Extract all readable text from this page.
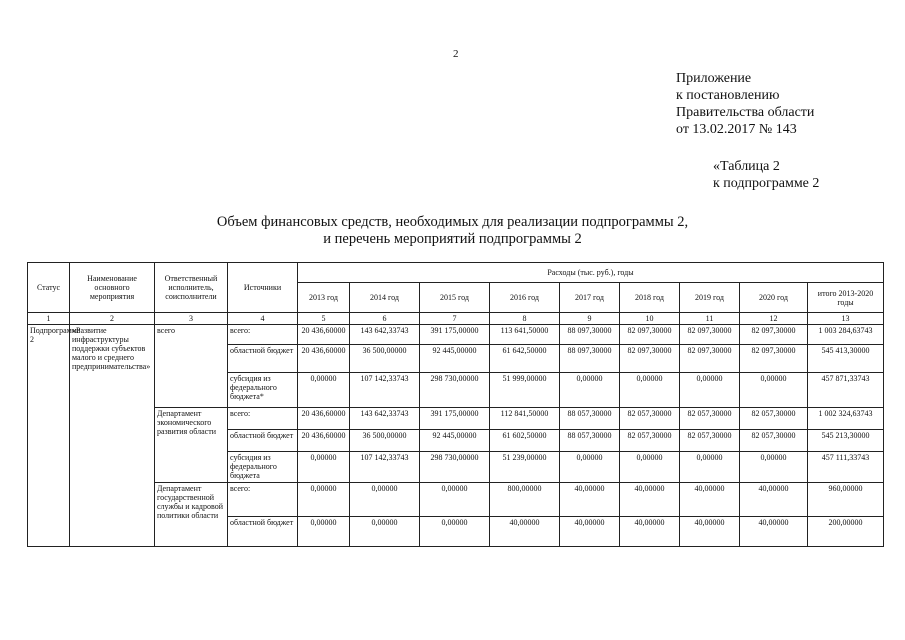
2
Приложение
к постановлению
Правительства области
от 13.02.2017 № 143
«Таблица 2
к подпрограмме 2
Объем финансовых средств, необходимых для реализации подпрограммы 2,
и перечень мероприятий подпрограммы 2
Статус	Наименование основного мероприятия	Ответственный исполнитель, соисполнители	Источники	Расходы (тыс. руб.), годы								
				2013 год	2014 год	2015 год	2016 год	2017 год	2018 год	2019 год	2020 год	итого 2013-2020 годы
1	2	3	4	5	6	7	8	9	10	11	12	13
Подпрограмма 2	«Развитие инфраструктуры поддержки субъектов малого и среднего предпринимательства»	всего	всего:	20 436,60000	143 642,33743	391 175,00000	113 641,50000	88 097,30000	82 097,30000	82 097,30000	82 097,30000	1 003 284,63743
			областной бюджет	20 436,60000	36 500,00000	92 445,00000	61 642,50000	88 097,30000	82 097,30000	82 097,30000	82 097,30000	545 413,30000
			субсидия из федерального бюджета*	0,00000	107 142,33743	298 730,00000	51 999,00000	0,00000	0,00000	0,00000	0,00000	457 871,33743
		Департамент экономического развития области	всего:	20 436,60000	143 642,33743	391 175,00000	112 841,50000	88 057,30000	82 057,30000	82 057,30000	82 057,30000	1 002 324,63743
			областной бюджет	20 436,60000	36 500,00000	92 445,00000	61 602,50000	88 057,30000	82 057,30000	82 057,30000	82 057,30000	545 213,30000
			субсидия из федерального бюджета	0,00000	107 142,33743	298 730,00000	51 239,00000	0,00000	0,00000	0,00000	0,00000	457 111,33743
		Департамент государственной службы и кадровой политики области	всего:	0,00000	0,00000	0,00000	800,00000	40,00000	40,00000	40,00000	40,00000	960,00000
			областной бюджет	0,00000	0,00000	0,00000	40,00000	40,00000	40,00000	40,00000	40,00000	200,00000
